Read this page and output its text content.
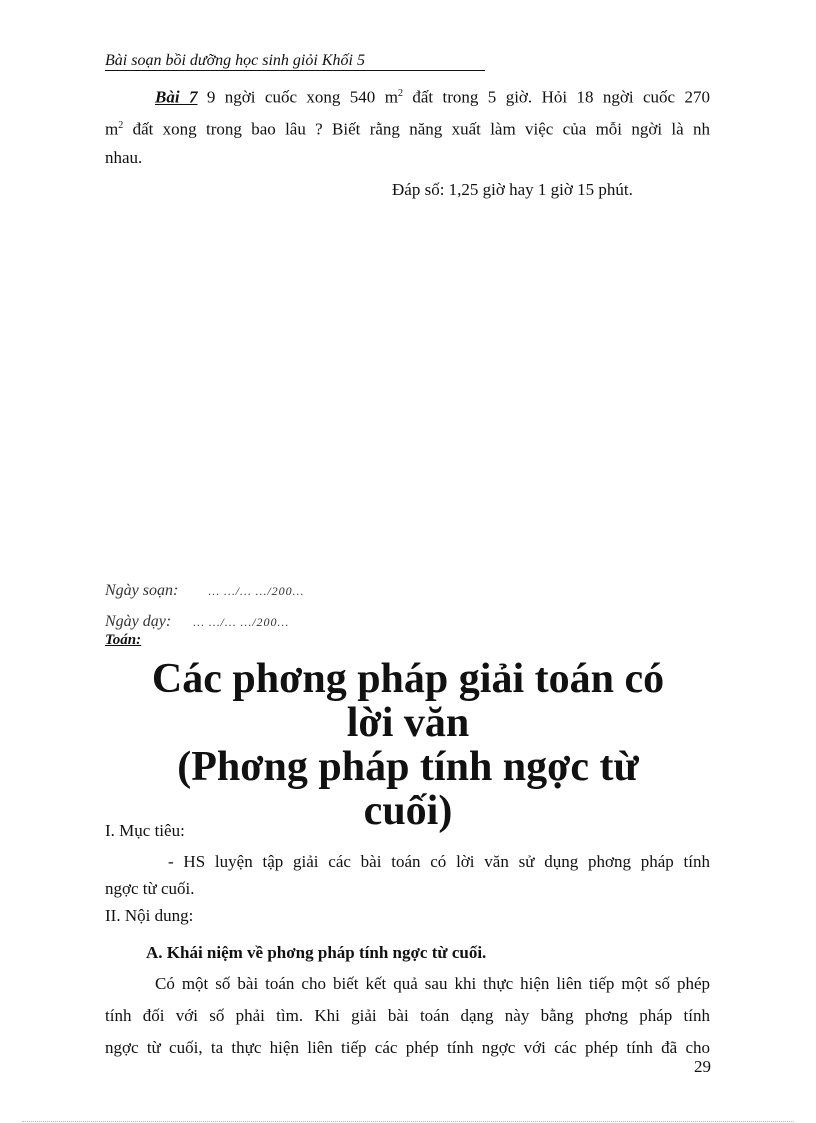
Bài soạn bồi dưỡng học sinh giỏi Khối 5
Bài 7 9 ngời cuốc xong 540 $m^2$ đất trong 5 giờ. Hỏi 18 ngời cuốc 270
$m^2$ đất xong trong bao lâu ? Biết rằng năng xuất làm việc của mỗi ngời là nh
nhau.
Đáp số: 1,25 giờ hay 1 giờ 15 phút.
Ngày soạn:	… …/… …/200…
Ngày dạy: … …/… …/200…
Toán:
Các phơng pháp giải toán có
lời văn
(Phơng pháp tính ngợc từ
cuối)
I. Mục tiêu:
- HS luyện tập giải các bài toán có lời văn sử dụng phơng pháp tính
ngợc từ cuối.
II. Nội dung:
A. Khái niệm về phơng pháp tính ngợc từ cuối.
Có một số bài toán cho biết kết quả sau khi thực hiện liên tiếp một số phép
tính đối với số phải tìm. Khi giải bài toán dạng này bằng phơng pháp tính
ngợc từ cuối, ta thực hiện liên tiếp các phép tính ngợc với các phép tính đã cho
29
